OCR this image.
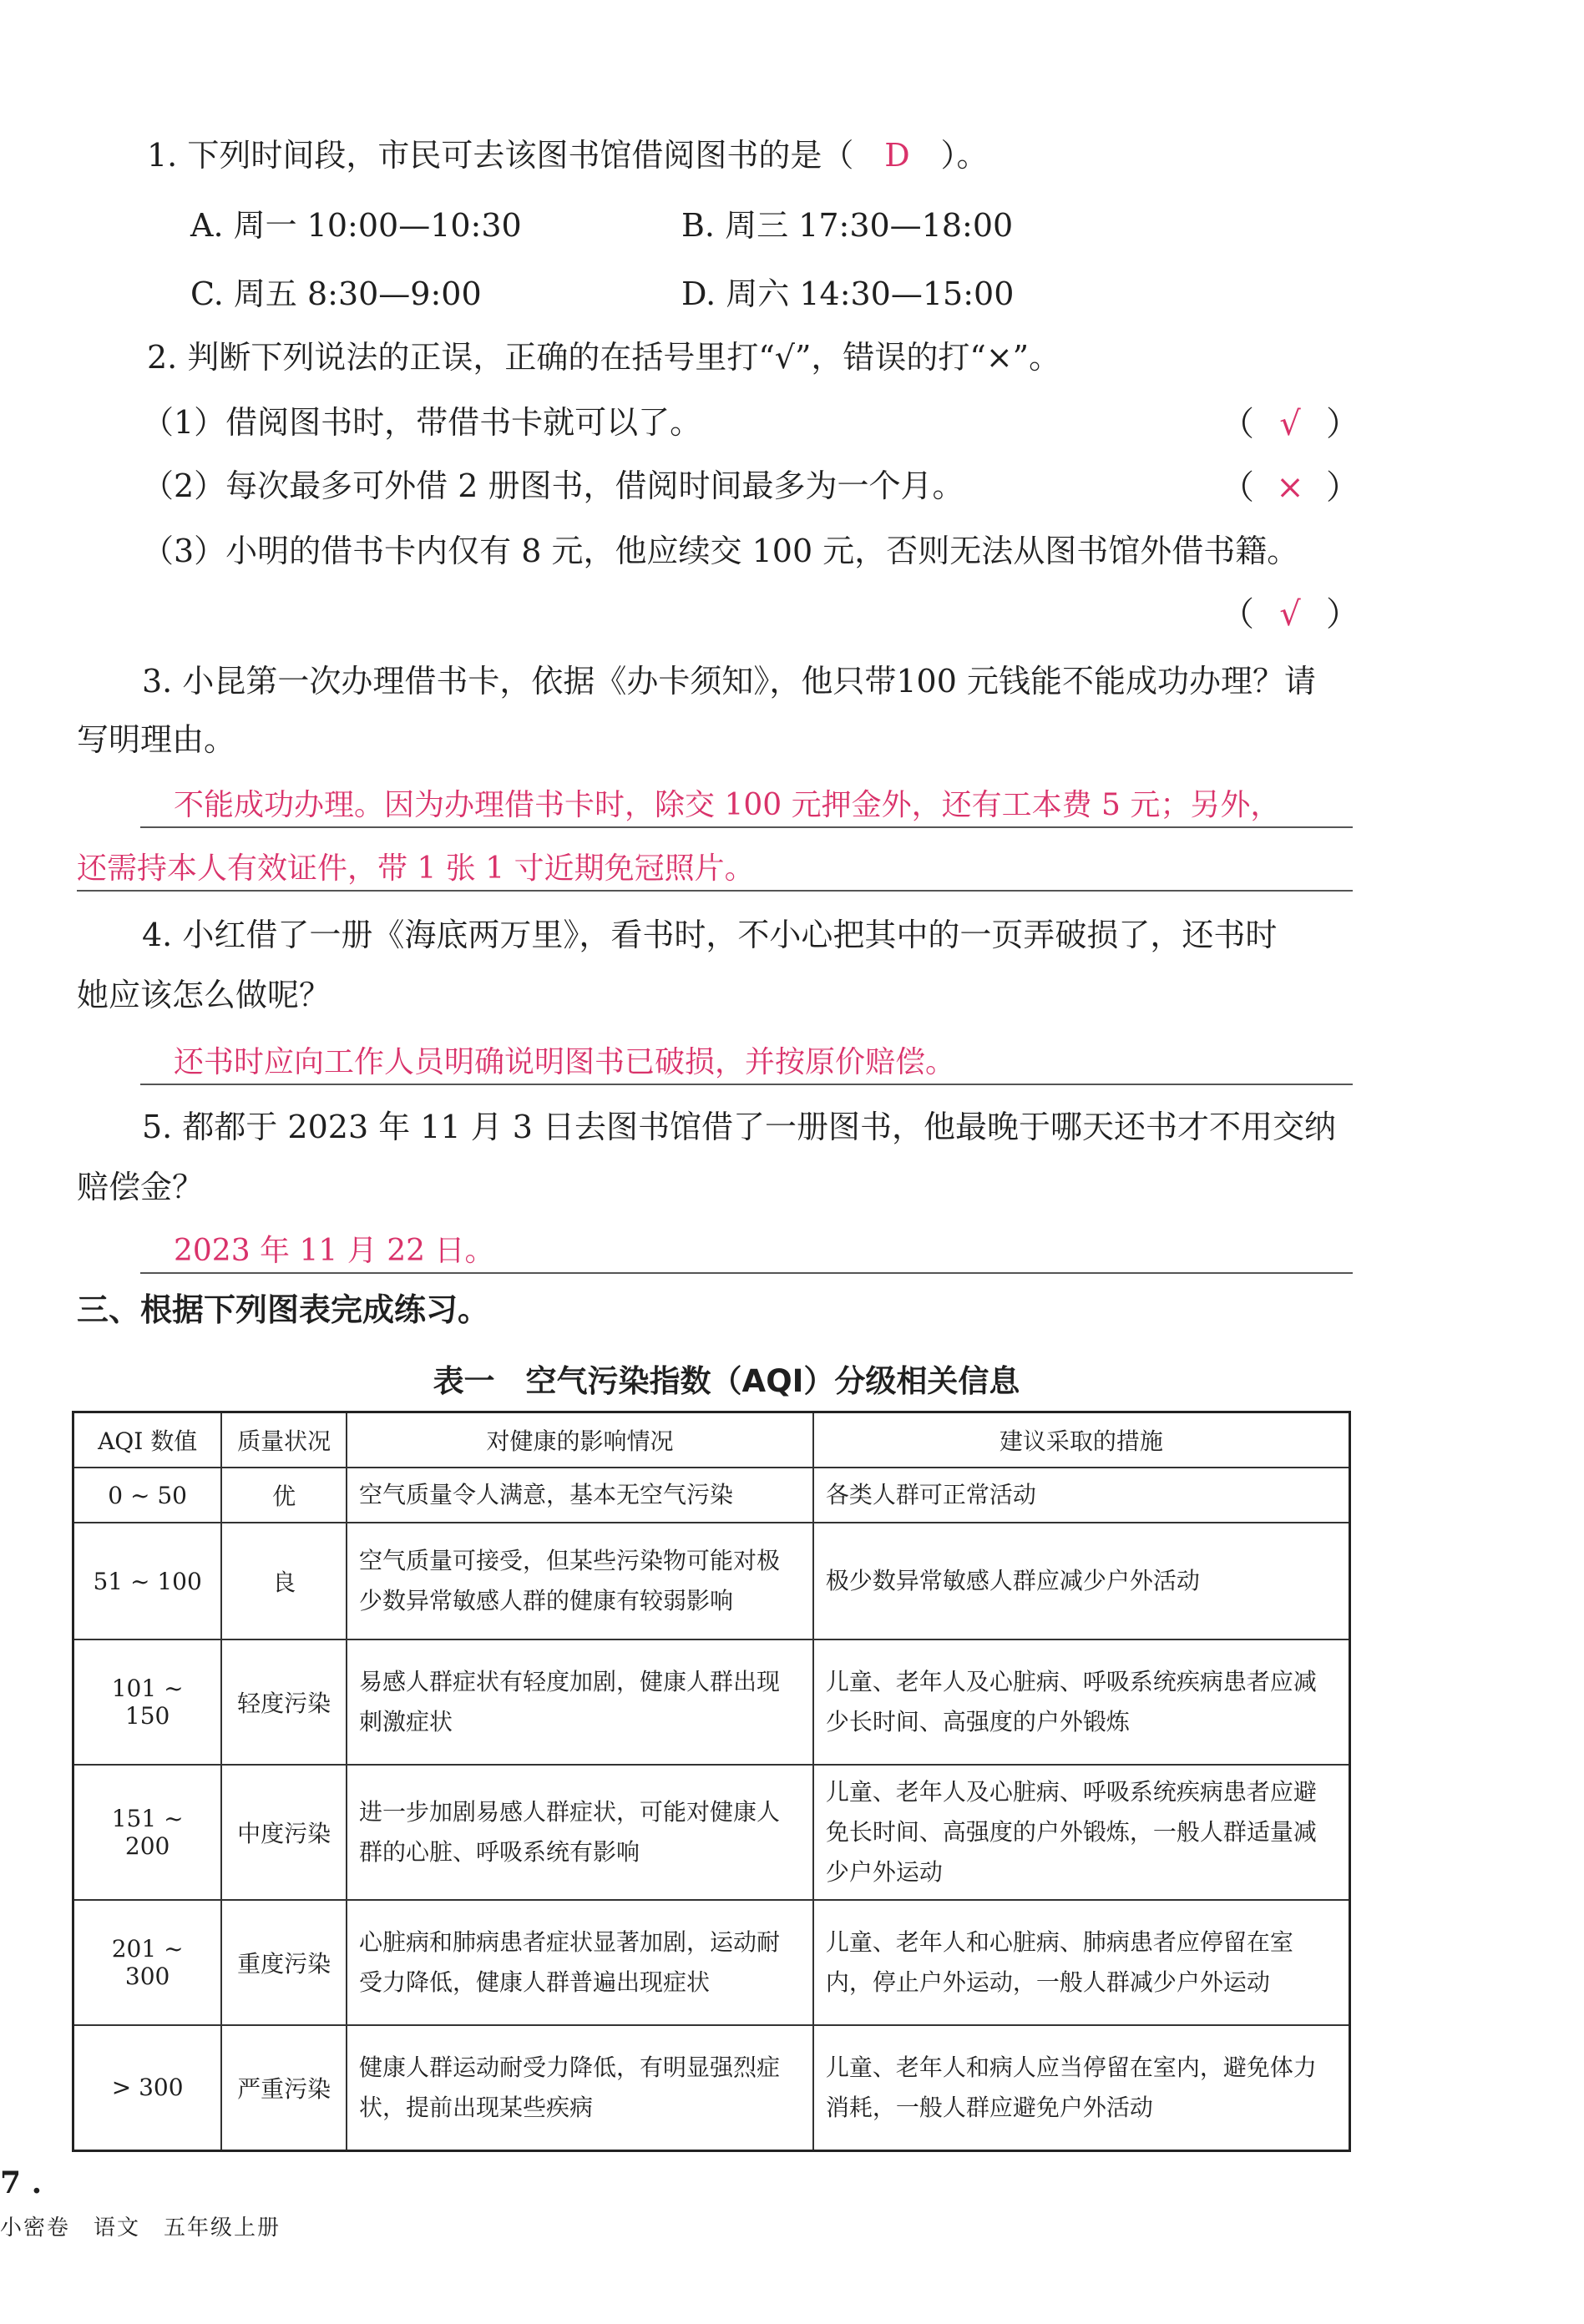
1. 下列时间段，市民可去该图书馆借阅图书的是（ D ）。
A. 周一 10:00—10:30	B. 周三 17:30—18:00
C. 周五 8:30—9:00	D. 周六 14:30—15:00
2. 判断下列说法的正误，正确的在括号里打“√”，错误的打“×”。
（1）借阅图书时，带借书卡就可以了。	（ √ ）
（2）每次最多可外借 2 册图书，借阅时间最多为一个月。	（ × ）
（3）小明的借书卡内仅有 8 元，他应续交 100 元，否则无法从图书馆外借书籍。
（ √ ）
3. 小昆第一次办理借书卡，依据《办卡须知》，他只带100 元钱能不能成功办理？请
写明理由。
不能成功办理。因为办理借书卡时，除交 100 元押金外，还有工本费 5 元；另外，
还需持本人有效证件，带 1 张 1 寸近期免冠照片。
4. 小红借了一册《海底两万里》，看书时，不小心把其中的一页弄破损了，还书时
她应该怎么做呢？
还书时应向工作人员明确说明图书已破损，并按原价赔偿。
5. 都都于 2023 年 11 月 3 日去图书馆借了一册图书，他最晚于哪天还书才不用交纳
赔偿金？
2023 年 11 月 22 日。
三、根据下列图表完成练习。
表一　空气污染指数（AQI）分级相关信息
AQI 数值	质量状况	对健康的影响情况	建议采取的措施
0 ~ 50	优	空气质量令人满意，基本无空气污染	各类人群可正常活动
51 ~ 100	良	空气质量可接受，但某些污染物可能对极少数异常敏感人群的健康有较弱影响	极少数异常敏感人群应减少户外活动
101 ~ 150	轻度污染	易感人群症状有轻度加剧，健康人群出现刺激症状	儿童、老年人及心脏病、呼吸系统疾病患者应减少长时间、高强度的户外锻炼
151 ~ 200	中度污染	进一步加剧易感人群症状，可能对健康人群的心脏、呼吸系统有影响	儿童、老年人及心脏病、呼吸系统疾病患者应避免长时间、高强度的户外锻炼，一般人群适量减少户外运动
201 ~ 300	重度污染	心脏病和肺病患者症状显著加剧，运动耐受力降低，健康人群普遍出现症状	儿童、老年人和心脏病、肺病患者应停留在室内，停止户外运动，一般人群减少户外运动
> 300	严重污染	健康人群运动耐受力降低，有明显强烈症状，提前出现某些疾病	儿童、老年人和病人应当停留在室内，避免体力消耗，一般人群应避免户外活动
7 .
小密卷　语文　五年级上册
